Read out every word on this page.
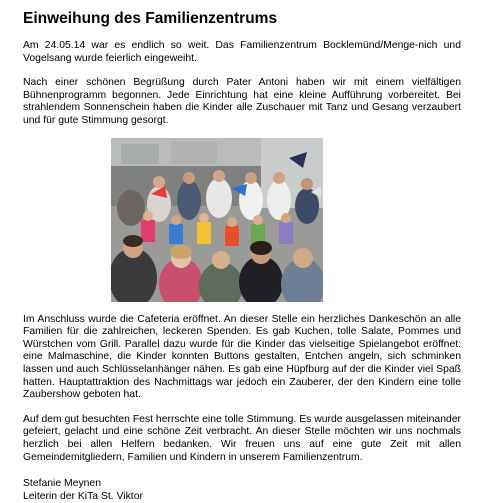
Einweihung des Familienzentrums

Am 24.05.14 war es endlich so weit. Das Familienzentrum Bocklemünd/Menge-nich und Vogelsang wurde feierlich eingeweiht.

Nach einer schönen Begrüßung durch Pater Antoni haben wir mit einem vielfältigen Bühnenprogramm begonnen. Jede Einrichtung hat eine kleine Aufführung vorbereitet. Bei strahlendem Sonnenschein haben die Kinder alle Zuschauer mit Tanz und Gesang verzaubert und für gute Stimmung gesorgt.

Im Anschluss wurde die Cafeteria eröffnet. An dieser Stelle ein herzliches Dankeschön an alle Familien für die zahlreichen, leckeren Spenden. Es gab Kuchen, tolle Salate, Pommes und Würstchen vom Grill. Parallel dazu wurde für die Kinder das vielseitige Spielangebot eröffnet: eine Malmaschine, die Kinder konnten Buttons gestalten, Entchen angeln, sich schminken lassen und auch Schlüsselanhänger nähen. Es gab eine Hüpfburg auf der die Kinder viel Spaß hatten. Hauptattraktion des Nachmittags war jedoch ein Zauberer, der den Kindern eine tolle Zaubershow geboten hat.

Auf dem gut besuchten Fest herrschte eine tolle Stimmung. Es wurde ausgelassen miteinander gefeiert, gelacht und eine schöne Zeit verbracht. An dieser Stelle möchten wir uns nochmals herzlich bei allen Helfern bedanken. Wir freuen uns auf eine gute Zeit mit allen Gemeindemitgliedern, Familien und Kindern in unserem Familienzentrum.

Stefanie Meynen
Leiterin der KiTa St. Viktor
